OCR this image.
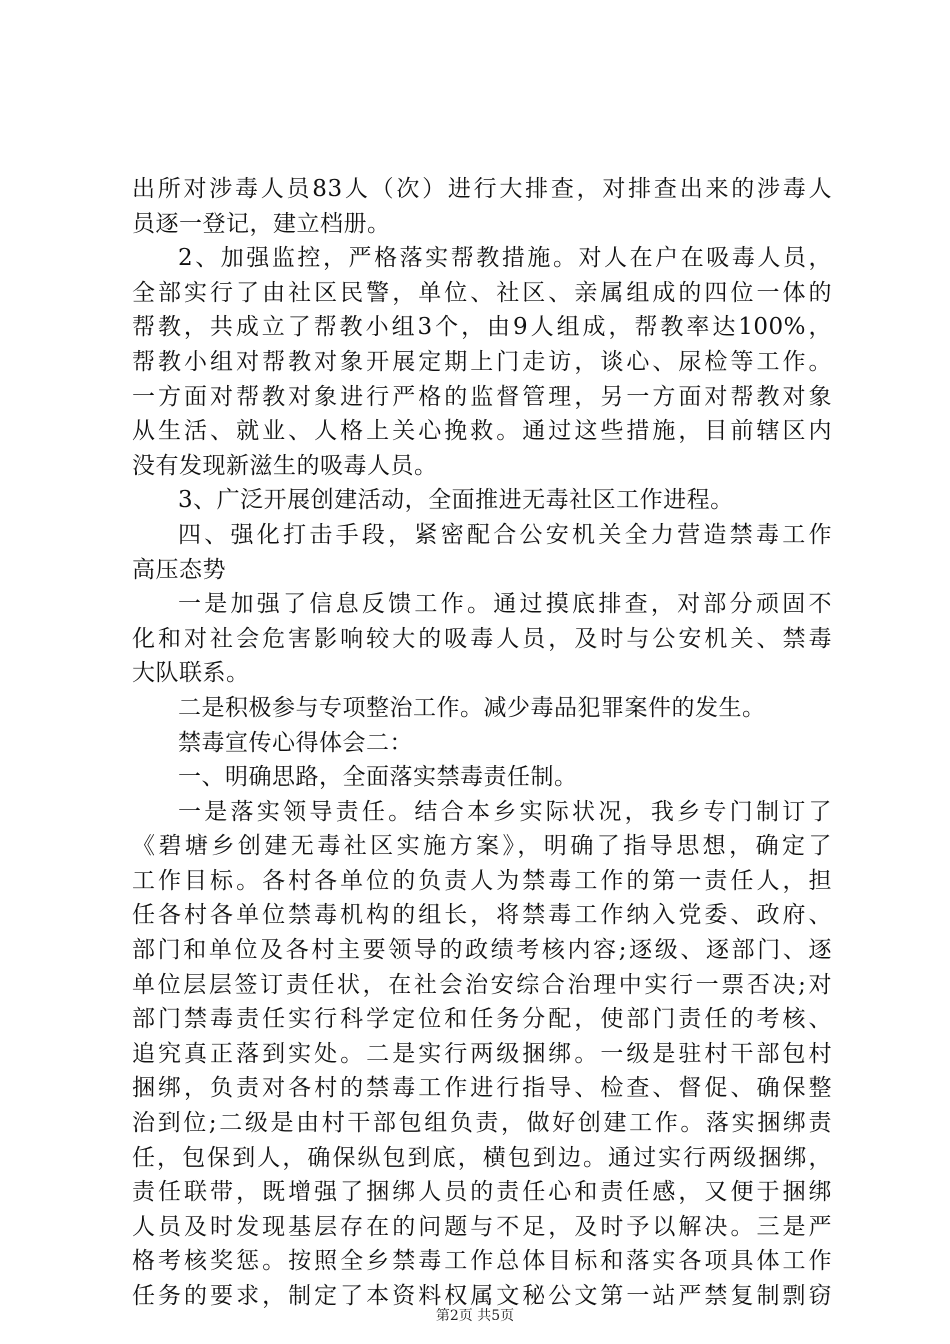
出所对涉毒人员83人（次）进行大排查，对排查出来的涉毒人
员逐一登记，建立档册。
2、加强监控，严格落实帮教措施。对人在户在吸毒人员，
全部实行了由社区民警，单位、社区、亲属组成的四位一体的
帮教，共成立了帮教小组3个，由9人组成，帮教率达100%，
帮教小组对帮教对象开展定期上门走访，谈心、尿检等工作。
一方面对帮教对象进行严格的监督管理，另一方面对帮教对象
从生活、就业、人格上关心挽救。通过这些措施，目前辖区内
没有发现新滋生的吸毒人员。
3、广泛开展创建活动，全面推进无毒社区工作进程。
四、强化打击手段，紧密配合公安机关全力营造禁毒工作
高压态势
一是加强了信息反馈工作。通过摸底排查，对部分顽固不
化和对社会危害影响较大的吸毒人员，及时与公安机关、禁毒
大队联系。
二是积极参与专项整治工作。减少毒品犯罪案件的发生。
禁毒宣传心得体会二：
一、明确思路，全面落实禁毒责任制。
一是落实领导责任。结合本乡实际状况，我乡专门制订了
《碧塘乡创建无毒社区实施方案》，明确了指导思想，确定了
工作目标。各村各单位的负责人为禁毒工作的第一责任人，担
任各村各单位禁毒机构的组长，将禁毒工作纳入党委、政府、
部门和单位及各村主要领导的政绩考核内容;逐级、逐部门、逐
单位层层签订责任状，在社会治安综合治理中实行一票否决;对
部门禁毒责任实行科学定位和任务分配，使部门责任的考核、
追究真正落到实处。二是实行两级捆绑。一级是驻村干部包村
捆绑，负责对各村的禁毒工作进行指导、检查、督促、确保整
治到位;二级是由村干部包组负责，做好创建工作。落实捆绑责
任，包保到人，确保纵包到底，横包到边。通过实行两级捆绑，
责任联带，既增强了捆绑人员的责任心和责任感，又便于捆绑
人员及时发现基层存在的问题与不足，及时予以解决。三是严
格考核奖惩。按照全乡禁毒工作总体目标和落实各项具体工作
任务的要求，制定了本资料权属文秘公文第一站严禁复制剽窃
第2页 共5页
